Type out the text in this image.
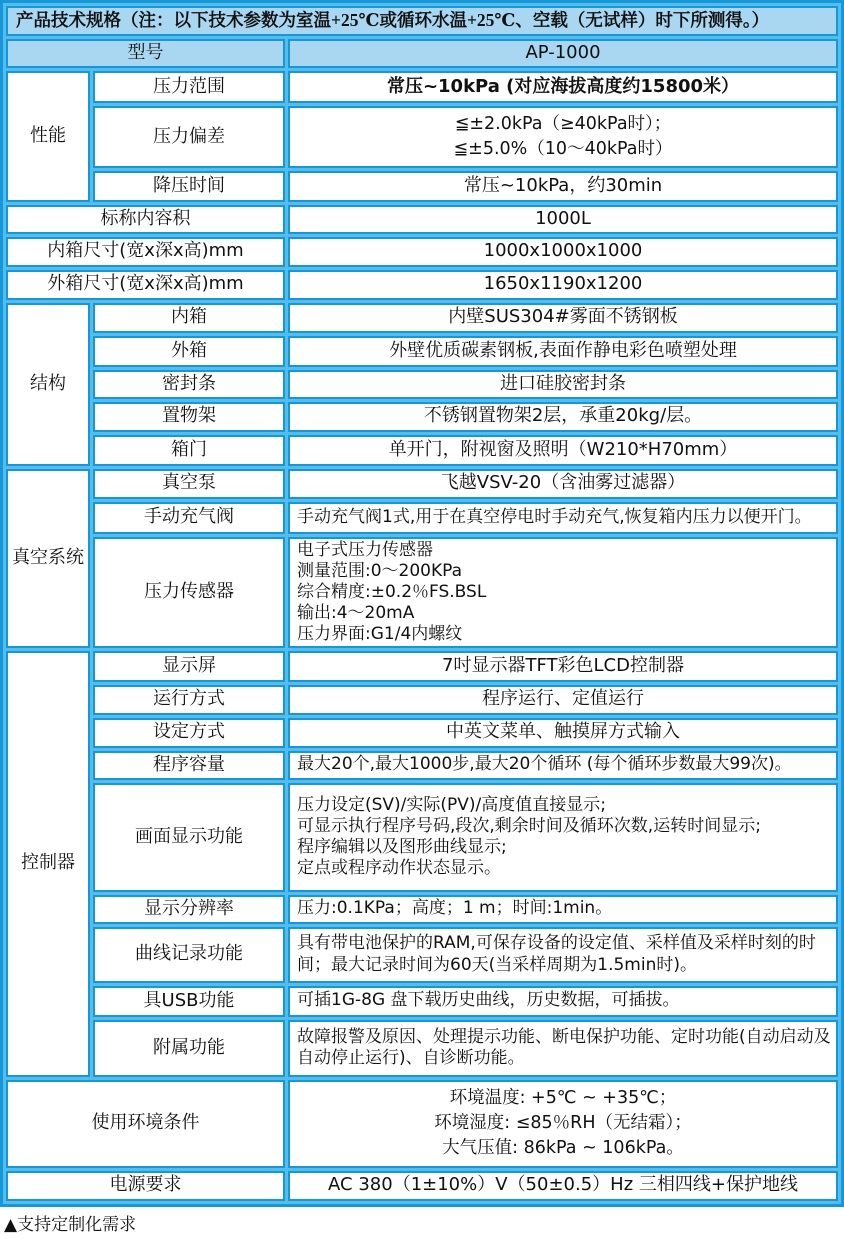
产品技术规格（注：以下技术参数为室温+25℃或循环水温+25℃、空载（无试样）时下所测得。）		
型号		AP-1000
性能	压力范围	常压~10kPa (对应海拔高度约15800米）
	压力偏差	≦±2.0kPa（≥40kPa时）；
≦±5.0%（10～40kPa时）

	降压时间	常压~10kPa，约30min
标称内容积		1000L
内箱尺寸(宽x深x高)mm		1000x1000x1000
外箱尺寸(宽x深x高)mm		1650x1190x1200
结构	内箱	内壁SUS304#雾面不锈钢板
	外箱	外壁优质碳素钢板,表面作静电彩色喷塑处理
	密封条	进口硅胶密封条
	置物架	不锈钢置物架2层，承重20kg/层。
	箱门	单开门，附视窗及照明（W210*H70mm）
真空系统	真空泵	飞越VSV-20（含油雾过滤器）
	手动充气阀	手动充气阀1式,用于在真空停电时手动充气,恢复箱内压力以便开门。
	压力传感器	电子式压力传感器
测量范围:0〜200KPa
综合精度:±0.2％FS.BSL
输出:4〜20mA
压力界面:G1/4内螺纹

控制器	显示屏	7吋显示器TFT彩色LCD控制器
	运行方式	程序运行、定值运行
	设定方式	中英文菜单、触摸屏方式输入
	程序容量	最大20个,最大1000步,最大20个循环 (每个循环步数最大99次)。
	画面显示功能	压力设定(SV)/实际(PV)/高度值直接显示;
可显示执行程序号码,段次,剩余时间及循环次数,运转时间显示;
程序编辑以及图形曲线显示;
定点或程序动作状态显示。

	显示分辨率	压力:0.1KPa；高度；1 m；时间:1min。
	曲线记录功能	具有带电池保护的RAM,可保存设备的设定值、采样值及采样时刻的时间；最大记录时间为60天(当采样周期为1.5min时)。
	具USB功能	可插1G-8G 盘下载历史曲线，历史数据，可插拔。
	附属功能	故障报警及原因、处理提示功能、断电保护功能、定时功能(自动启动及自动停止运行)、自诊断功能。
使用环境条件		环境温度: +5℃ ~ +35℃；
环境湿度: ≤85％RH（无结霜）；
大气压值: 86kPa ~ 106kPa。

电源要求		AC 380（1±10%）V（50±0.5）Hz 三相四线+保护地线
▲支持定制化需求
